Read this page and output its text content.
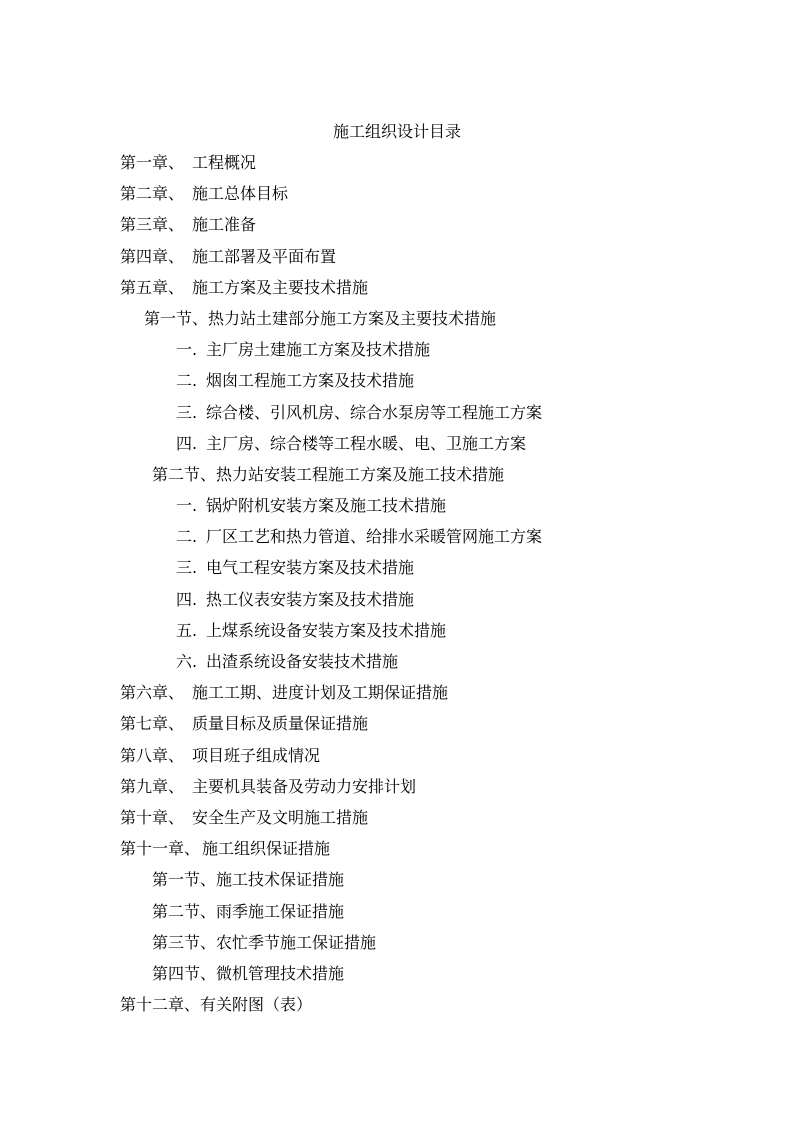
施工组织设计目录
第一章、 工程概况
第二章、 施工总体目标
第三章、 施工准备
第四章、 施工部署及平面布置
第五章、 施工方案及主要技术措施
第一节、热力站土建部分施工方案及主要技术措施
一. 主厂房土建施工方案及技术措施
二. 烟囱工程施工方案及技术措施
三. 综合楼、引风机房、综合水泵房等工程施工方案
四. 主厂房、综合楼等工程水暖、电、卫施工方案
第二节、热力站安装工程施工方案及施工技术措施
一. 锅炉附机安装方案及施工技术措施
二. 厂区工艺和热力管道、给排水采暖管网施工方案
三. 电气工程安装方案及技术措施
四. 热工仪表安装方案及技术措施
五. 上煤系统设备安装方案及技术措施
六. 出渣系统设备安装技术措施
第六章、 施工工期、进度计划及工期保证措施
第七章、 质量目标及质量保证措施
第八章、 项目班子组成情况
第九章、 主要机具装备及劳动力安排计划
第十章、 安全生产及文明施工措施
第十一章、 施工组织保证措施
第一节、施工技术保证措施
第二节、雨季施工保证措施
第三节、农忙季节施工保证措施
第四节、微机管理技术措施
第十二章、有关附图（表）
